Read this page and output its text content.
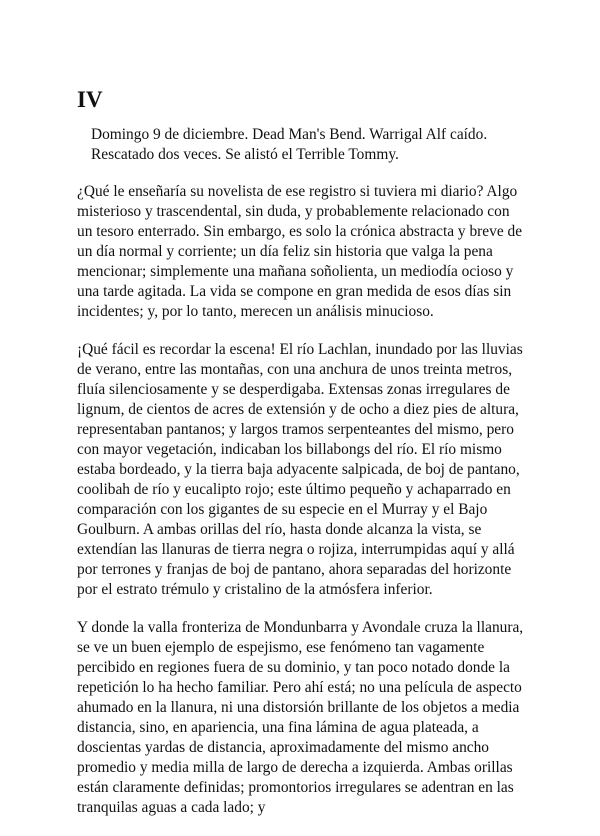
IV

Domingo 9 de diciembre. Dead Man's Bend. Warrigal Alf caído. Rescatado dos veces. Se alistó el Terrible Tommy.

¿Qué le enseñaría su novelista de ese registro si tuviera mi diario? Algo misterioso y trascendental, sin duda, y probablemente relacionado con un tesoro enterrado. Sin embargo, es solo la crónica abstracta y breve de un día normal y corriente; un día feliz sin historia que valga la pena mencionar; simplemente una mañana soñolienta, un mediodía ocioso y una tarde agitada. La vida se compone en gran medida de esos días sin incidentes; y, por lo tanto, merecen un análisis minucioso.

¡Qué fácil es recordar la escena! El río Lachlan, inundado por las lluvias de verano, entre las montañas, con una anchura de unos treinta metros, fluía silenciosamente y se desperdigaba. Extensas zonas irregulares de lignum, de cientos de acres de extensión y de ocho a diez pies de altura, representaban pantanos; y largos tramos serpenteantes del mismo, pero con mayor vegetación, indicaban los billabongs del río. El río mismo estaba bordeado, y la tierra baja adyacente salpicada, de boj de pantano, coolibah de río y eucalipto rojo; este último pequeño y achaparrado en comparación con los gigantes de su especie en el Murray y el Bajo Goulburn. A ambas orillas del río, hasta donde alcanza la vista, se extendían las llanuras de tierra negra o rojiza, interrumpidas aquí y allá por terrones y franjas de boj de pantano, ahora separadas del horizonte por el estrato trémulo y cristalino de la atmósfera inferior.

Y donde la valla fronteriza de Mondunbarra y Avondale cruza la llanura, se ve un buen ejemplo de espejismo, ese fenómeno tan vagamente percibido en regiones fuera de su dominio, y tan poco notado donde la repetición lo ha hecho familiar. Pero ahí está; no una película de aspecto ahumado en la llanura, ni una distorsión brillante de los objetos a media distancia, sino, en apariencia, una fina lámina de agua plateada, a doscientas yardas de distancia, aproximadamente del mismo ancho promedio y media milla de largo de derecha a izquierda. Ambas orillas están claramente definidas; promontorios irregulares se adentran en las tranquilas aguas a cada lado; y
